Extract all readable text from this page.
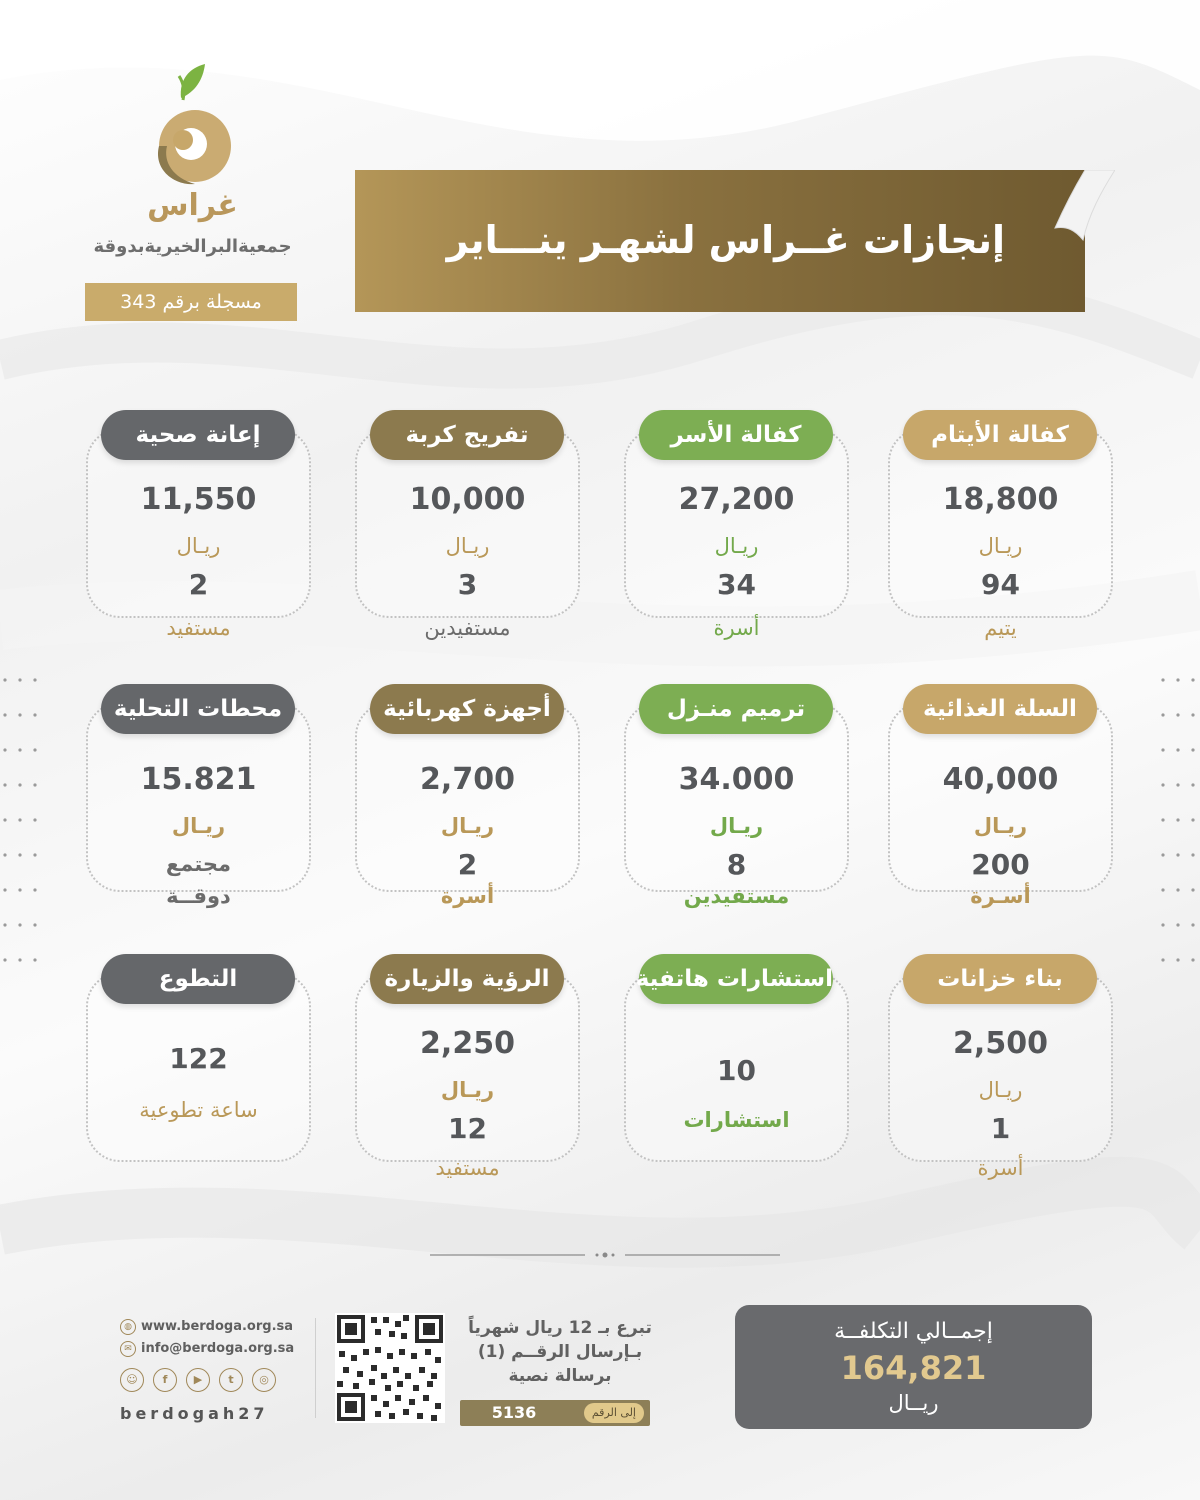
غراس
جمعيةالبرالخيريةبدوقة
مسجلة برقم 343
إنجازات غــراس لشهـر ينـــاير
كفالة الأيتام
18,800
ريـال
94
يتيم
كفالة الأسر
27,200
ريـال
34
أسرة
تفريج كربة
10,000
ريـال
3
مستفيدين
إعانة صحية
11,550
ريـال
2
مستفيد
السلة الغذائية
40,000
ريـال
200
أسـرة
ترميم منـزل
34.000
ريـال
8
مستفيدين
أجهزة كهربائية
2,700
ريـال
2
أسرة
محطات التحلية
15.821
ريـال
مجتمع
دوقــة
بناء خزانات
2,500
ريـال
1
أسرة
استشارات هاتفية
10
استشارات
الرؤية والزيارة
2,250
ريـال
12
مستفيد
التطوع
122
ساعة تطوعية
إجمــالي التكلفــة
164,821
ريــال
تبرع بـ 12 ريال شهرياً
بـإرسال الرقــم (1)
برسالة نصية
5136	إلى الرقم
◍ www.berdoga.org.sa
✉ info@berdoga.org.sa
☺ f ▶ t ◎
berdogah27
